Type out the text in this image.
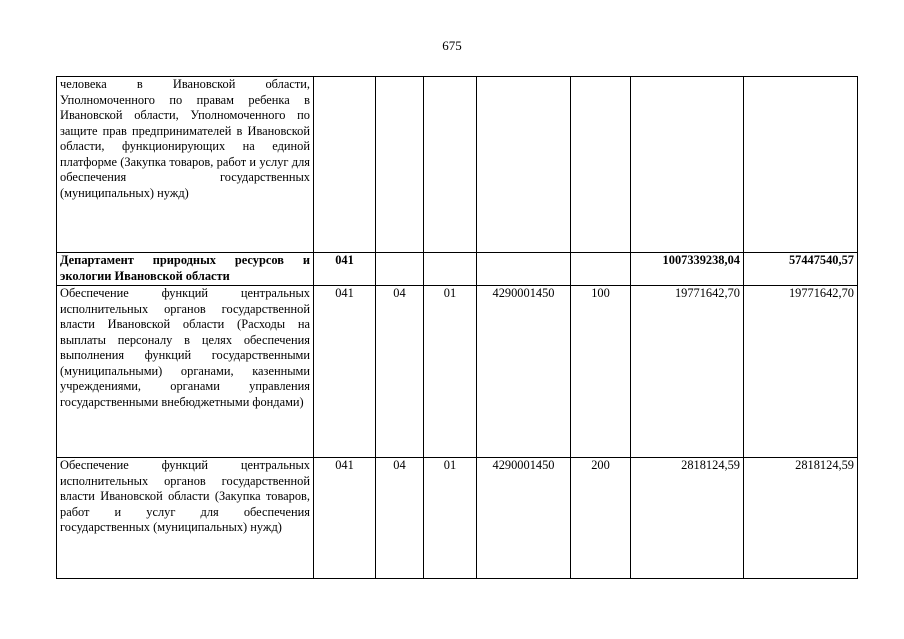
675
человека в Ивановской области, Уполномоченного по правам ребенка в Ивановской области, Уполномоченного по защите прав предпринимателей в Ивановской области, функционирующих на единой платформе (Закупка товаров, работ и услуг для обеспечения государственных (муниципальных) нужд)							
Департамент природных ресурсов и экологии Ивановской области	041					1007339238,04	57447540,57
Обеспечение функций центральных исполнительных органов государственной власти Ивановской области (Расходы на выплаты персоналу в целях обеспечения выполнения функций государственными (муниципальными) органами, казенными учреждениями, органами управления государственными внебюджетными фондами)	041	04	01	4290001450	100	19771642,70	19771642,70
Обеспечение функций центральных исполнительных органов государственной власти Ивановской области (Закупка товаров, работ и услуг для обеспечения государственных (муниципальных) нужд)	041	04	01	4290001450	200	2818124,59	2818124,59
